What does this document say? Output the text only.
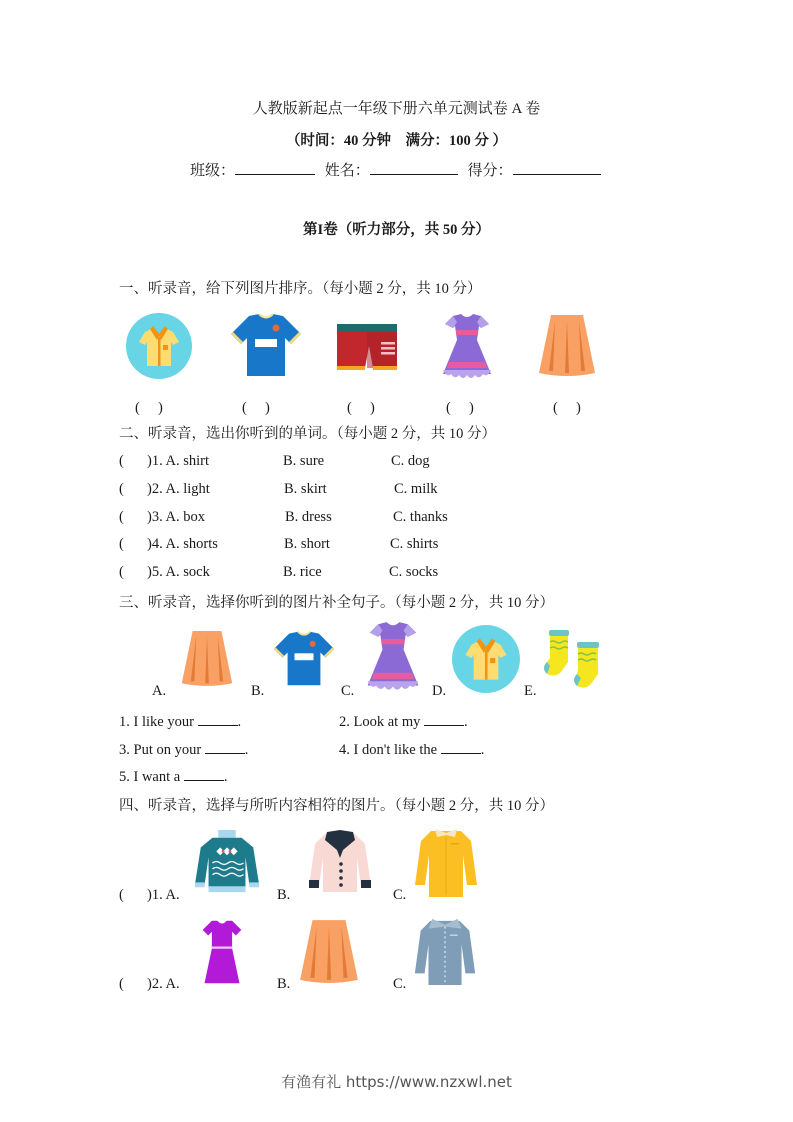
人教版新起点一年级下册六单元测试卷 A 卷
（时间：40 分钟　满分：100 分 ）
班级：	姓名：	得分：
第I卷（听力部分，共 50 分）
一、听录音，给下列图片排序。（每小题 2 分，共 10 分）
(　 )	(　 )	(　 )	(　 )	(　 )
二、听录音，选出你听到的单词。（每小题 2 分，共 10 分）
( )1. A. shirt	B. sure	C. dog
( )2. A. light	B. skirt	C. milk
( )3. A. box	B. dress	C. thanks
( )4. A. shorts	B. short	C. shirts
( )5. A. sock	B. rice	C. socks
三、听录音，选择你听到的图片补全句子。（每小题 2 分，共 10 分）
A.	B.	C.	D.	E.
1. I like your	.	2. Look at my	.
3. Put on your	.	4. I don't like the	.
5. I want a	.
四、听录音，选择与所听内容相符的图片。（每小题 2 分，共 10 分）
( )1. A.	B.	C.
( )2. A.	B.	C.
有渔有礼 https://www.nzxwl.net
